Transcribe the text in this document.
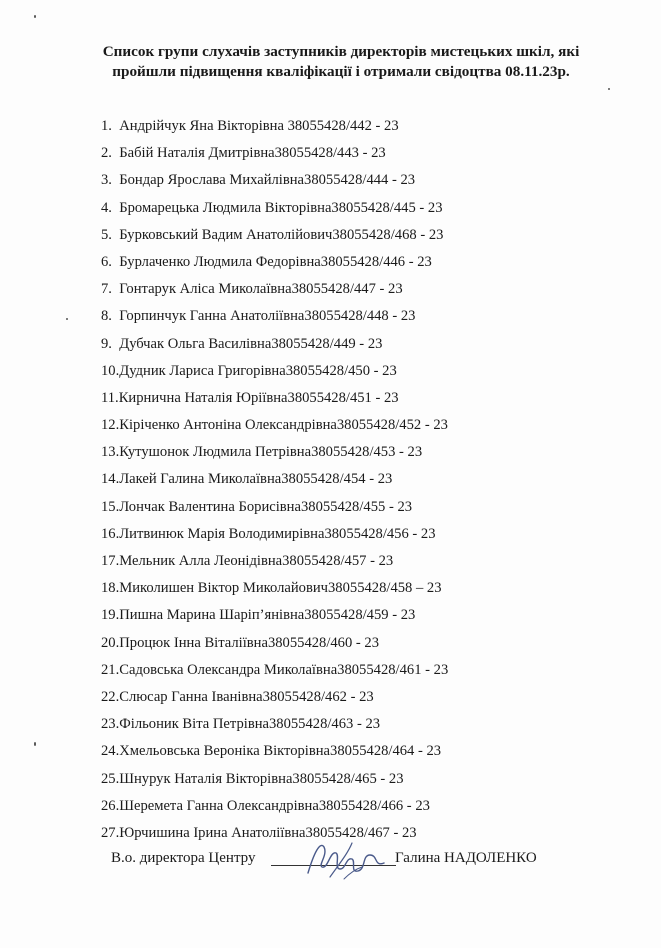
Список групи слухачів заступників директорів мистецьких шкіл, які
пройшли підвищення кваліфікації і отримали свідоцтва 08.11.23р.
1. Андрійчук Яна Вікторівна 38055428/442 - 23
2. Бабій Наталія Дмитрівна38055428/443 - 23
3. Бондар Ярослава Михайлівна38055428/444 - 23
4. Бромарецька Людмила Вікторівна38055428/445 - 23
5. Бурковський Вадим Анатолійович38055428/468 - 23
6. Бурлаченко Людмила Федорівна38055428/446 - 23
7. Гонтарук Аліса Миколаївна38055428/447 - 23
8. Горпинчук Ганна Анатоліївна38055428/448 - 23
9. Дубчак Ольга Василівна38055428/449 - 23
10.Дудник Лариса Григорівна38055428/450 - 23
11.Кирнична Наталія Юріївна38055428/451 - 23
12.Кіріченко Антоніна Олександрівна38055428/452 - 23
13.Кутушонок Людмила Петрівна38055428/453 - 23
14.Лакей Галина Миколаївна38055428/454 - 23
15.Лончак Валентина Борисівна38055428/455 - 23
16.Литвинюк Марія Володимирівна38055428/456 - 23
17.Мельник Алла Леонідівна38055428/457 - 23
18.Миколишен Віктор Миколайович38055428/458 – 23
19.Пишна Марина Шаріп’янівна38055428/459 - 23
20.Процюк Інна Віталіївна38055428/460 - 23
21.Садовська Олександра Миколаївна38055428/461 - 23
22.Слюсар Ганна Іванівна38055428/462 - 23
23.Фільоник Віта Петрівна38055428/463 - 23
24.Хмельовська Вероніка Вікторівна38055428/464 - 23
25.Шнурук Наталія Вікторівна38055428/465 - 23
26.Шеремета Ганна Олександрівна38055428/466 - 23
27.Юрчишина Ірина Анатоліївна38055428/467 - 23
В.о. директора Центру	Галина НАДОЛЕНКО
